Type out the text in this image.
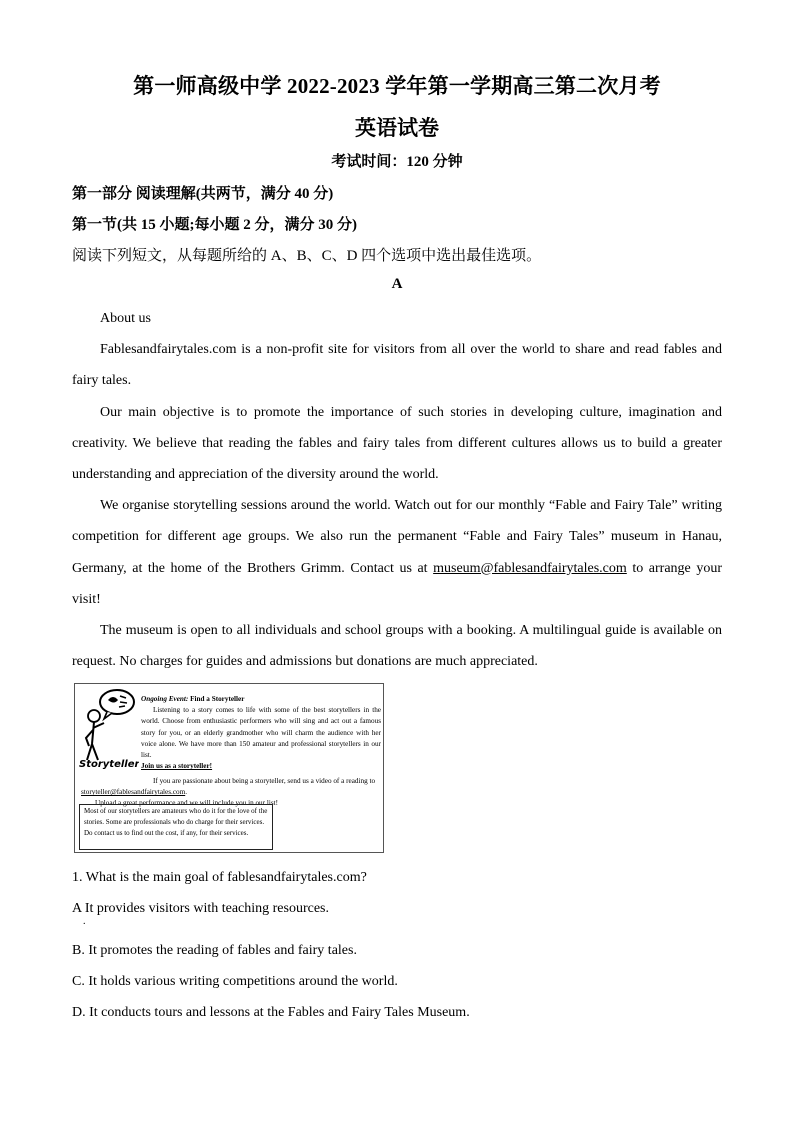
第一师高级中学 2022-2023 学年第一学期高三第二次月考
英语试卷
考试时间：120 分钟
第一部分 阅读理解(共两节，满分 40 分)
第一节(共 15 小题;每小题 2 分，满分 30 分)
阅读下列短文，从每题所给的 A、B、C、D 四个选项中选出最佳选项。
A

About us

Fablesandfairytales.com is a non-profit site for visitors from all over the world to share and read fables and fairy tales.

Our main objective is to promote the importance of such stories in developing culture, imagination and creativity. We believe that reading the fables and fairy tales from different cultures allows us to build a greater understanding and appreciation of the diversity around the world.

We organise storytelling sessions around the world. Watch out for our monthly “Fable and Fairy Tale” writing competition for different age groups. We also run the permanent “Fable and Fairy Tales” museum in Hanau, Germany, at the home of the Brothers Grimm. Contact us at museum@fablesandfairytales.com to arrange your visit!

The museum is open to all individuals and school groups with a booking. A multilingual guide is available on request. No charges for guides and admissions but donations are much appreciated.

Storyteller
Ongoing Event: Find a Storyteller
Listening to a story comes to life with some of the best storytellers in the world. Choose from enthusiastic performers who will sing and act out a famous story for you, or an elderly grandmother who will charm the audience with her voice alone. We have more than 150 amateur and professional storytellers in our list.
Join us as a storyteller!
If you are passionate about being a storyteller, send us a video of a reading to storyteller@fablesandfairytales.com.
Upload a great performance and we will include you in our list!
Most of our storytellers are amateurs who do it for the love of the stories. Some are professionals who do charge for their services. Do contact us to find out the cost, if any, for their services.
1. What is the main goal of fablesandfairytales.com?
A It provides visitors with teaching resources.
.
B. It promotes the reading of fables and fairy tales.
C. It holds various writing competitions around the world.
D. It conducts tours and lessons at the Fables and Fairy Tales Museum.
